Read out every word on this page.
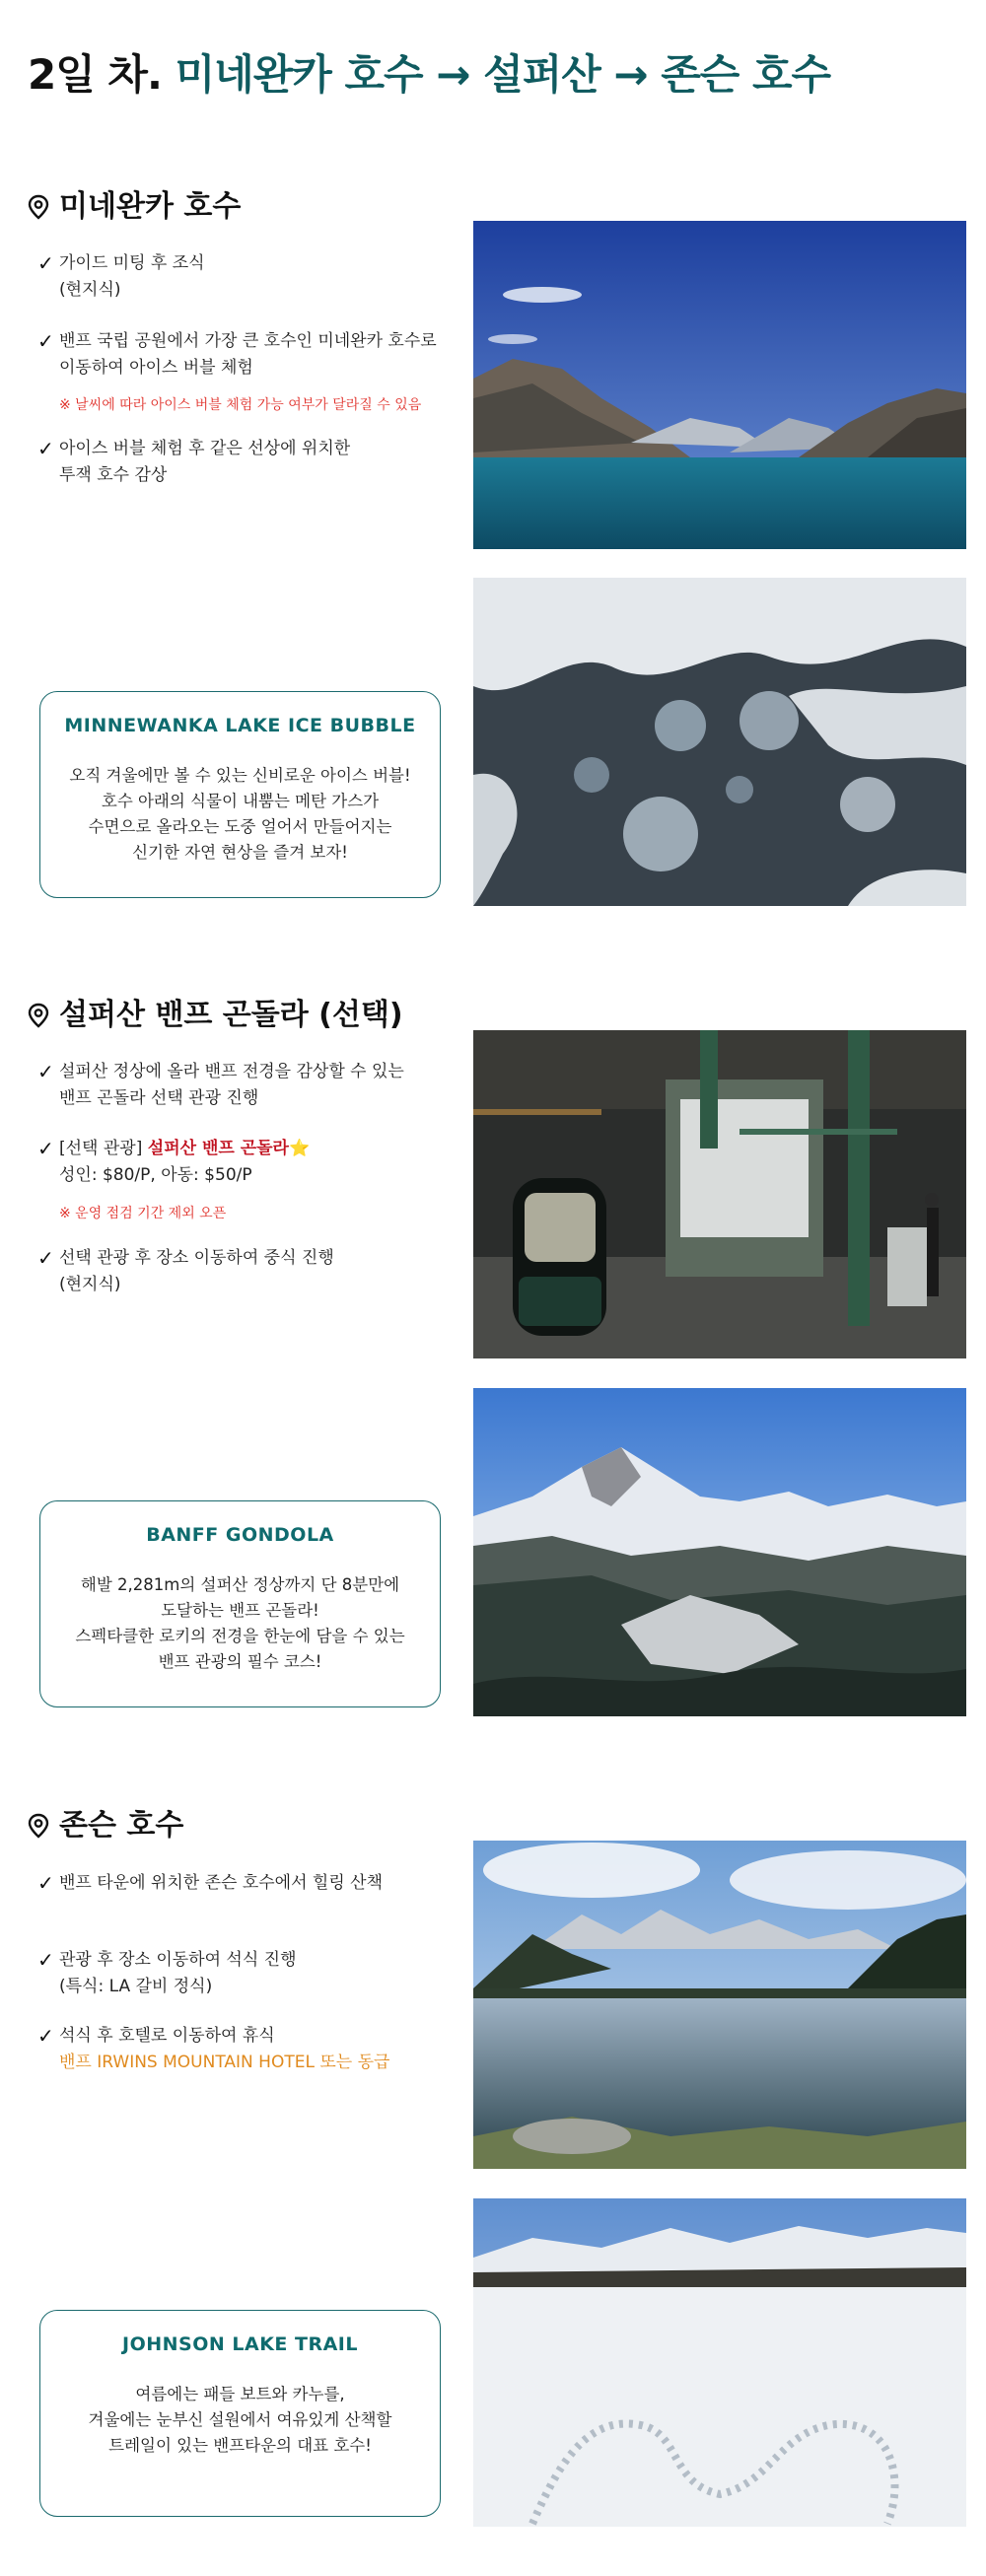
2일 차. 미네완카 호수 → 설퍼산 → 존슨 호수
미네완카 호수
✓ 가이드 미팅 후 조식
(현지식)
✓ 밴프 국립 공원에서 가장 큰 호수인 미네완카 호수로
이동하여 아이스 버블 체험
※ 날씨에 따라 아이스 버블 체험 가능 여부가 달라질 수 있음
✓ 아이스 버블 체험 후 같은 선상에 위치한
투잭 호수 감상
MINNEWANKA LAKE ICE BUBBLE
오직 겨울에만 볼 수 있는 신비로운 아이스 버블!
호수 아래의 식물이 내뿜는 메탄 가스가
수면으로 올라오는 도중 얼어서 만들어지는
신기한 자연 현상을 즐겨 보자!
설퍼산 밴프 곤돌라 (선택)
✓ 설퍼산 정상에 올라 밴프 전경을 감상할 수 있는
밴프 곤돌라 선택 관광 진행
✓ [선택 관광] 설퍼산 밴프 곤돌라⭐
성인: $80/P, 아동: $50/P
※ 운영 점검 기간 제외 오픈
✓ 선택 관광 후 장소 이동하여 중식 진행
(현지식)
BANFF GONDOLA
해발 2,281m의 설퍼산 정상까지 단 8분만에
도달하는 밴프 곤돌라!
스펙타클한 로키의 전경을 한눈에 담을 수 있는
밴프 관광의 필수 코스!
존슨 호수
✓ 밴프 타운에 위치한 존슨 호수에서 힐링 산책
✓ 관광 후 장소 이동하여 석식 진행
(특식: LA 갈비 정식)
✓ 석식 후 호텔로 이동하여 휴식
밴프 IRWINS MOUNTAIN HOTEL 또는 동급
JOHNSON LAKE TRAIL
여름에는 패들 보트와 카누를,
겨울에는 눈부신 설원에서 여유있게 산책할
트레일이 있는 밴프타운의 대표 호수!
